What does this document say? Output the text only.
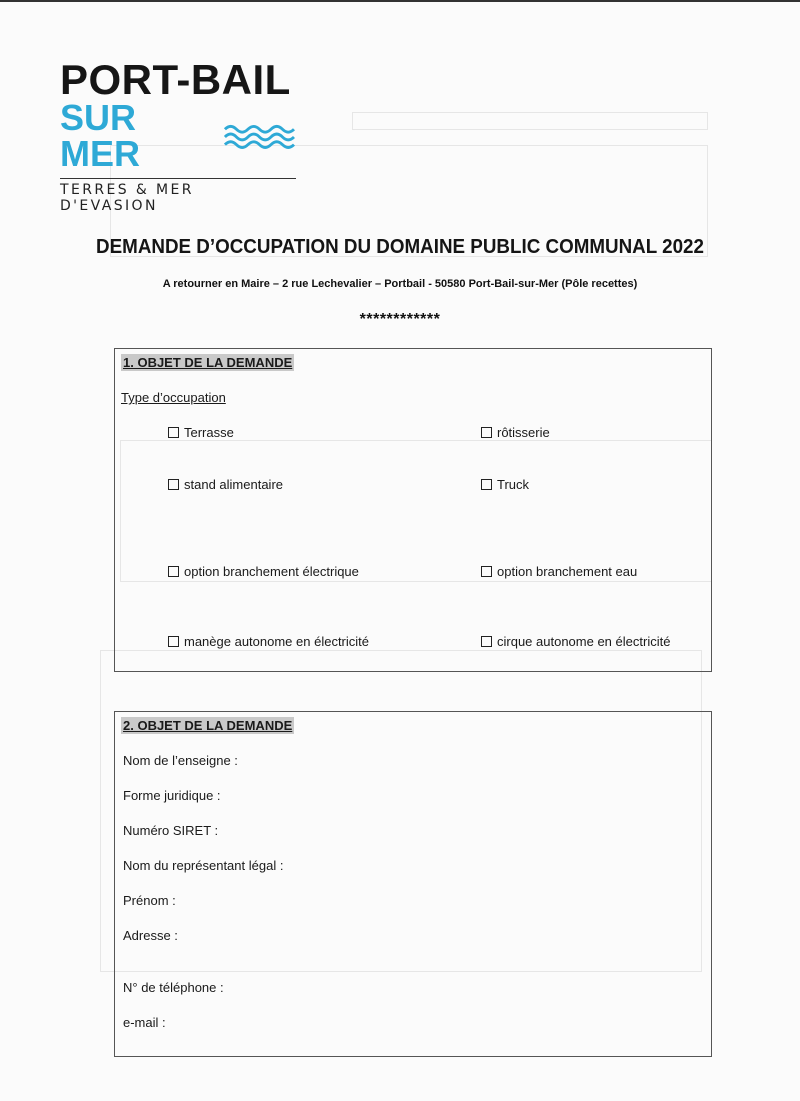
PORT-BAIL
SUR MER
TERRES & MER D'EVASION
DEMANDE D’OCCUPATION DU DOMAINE PUBLIC COMMUNAL 2022
A retourner en Maire – 2 rue Lechevalier – Portbail - 50580 Port-Bail-sur-Mer (Pôle recettes)
************
1. OBJET DE LA DEMANDE
Type d’occupation
Terrasse	rôtisserie
stand alimentaire	Truck
option branchement électrique	option branchement eau
manège autonome en électricité	cirque autonome en électricité
2. OBJET DE LA DEMANDE
Nom de l’enseigne :
Forme juridique :
Numéro SIRET :
Nom du représentant légal :
Prénom :
Adresse :
N° de téléphone :
e-mail :
